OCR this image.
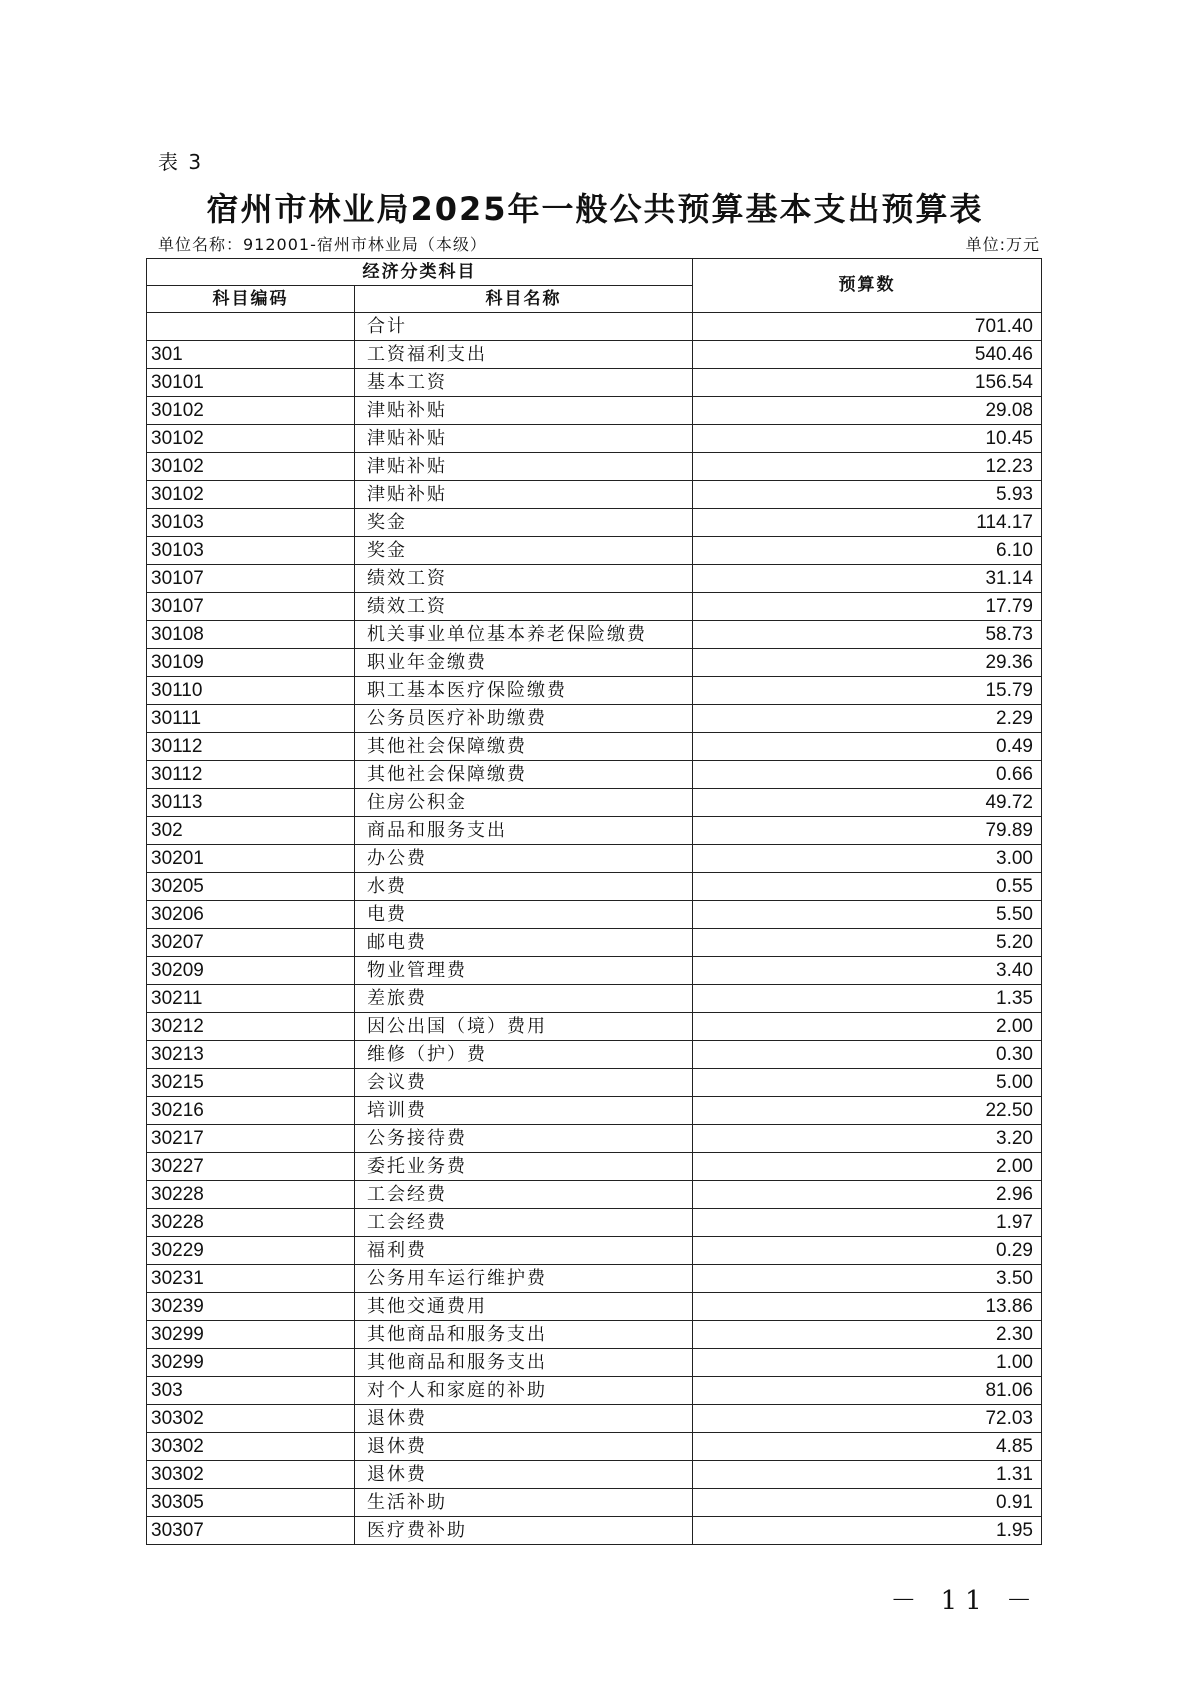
表 3
宿州市林业局2025年一般公共预算基本支出预算表
单位名称：912001-宿州市林业局（本级）	单位:万元
经济分类科目		预算数
科目编码	科目名称	
	合计	701.40
301	工资福利支出	540.46
30101	基本工资	156.54
30102	津贴补贴	29.08
30102	津贴补贴	10.45
30102	津贴补贴	12.23
30102	津贴补贴	5.93
30103	奖金	114.17
30103	奖金	6.10
30107	绩效工资	31.14
30107	绩效工资	17.79
30108	机关事业单位基本养老保险缴费	58.73
30109	职业年金缴费	29.36
30110	职工基本医疗保险缴费	15.79
30111	公务员医疗补助缴费	2.29
30112	其他社会保障缴费	0.49
30112	其他社会保障缴费	0.66
30113	住房公积金	49.72
302	商品和服务支出	79.89
30201	办公费	3.00
30205	水费	0.55
30206	电费	5.50
30207	邮电费	5.20
30209	物业管理费	3.40
30211	差旅费	1.35
30212	因公出国（境）费用	2.00
30213	维修（护）费	0.30
30215	会议费	5.00
30216	培训费	22.50
30217	公务接待费	3.20
30227	委托业务费	2.00
30228	工会经费	2.96
30228	工会经费	1.97
30229	福利费	0.29
30231	公务用车运行维护费	3.50
30239	其他交通费用	13.86
30299	其他商品和服务支出	2.30
30299	其他商品和服务支出	1.00
303	对个人和家庭的补助	81.06
30302	退休费	72.03
30302	退休费	4.85
30302	退休费	1.31
30305	生活补助	0.91
30307	医疗费补助	1.95
－ 11 －
